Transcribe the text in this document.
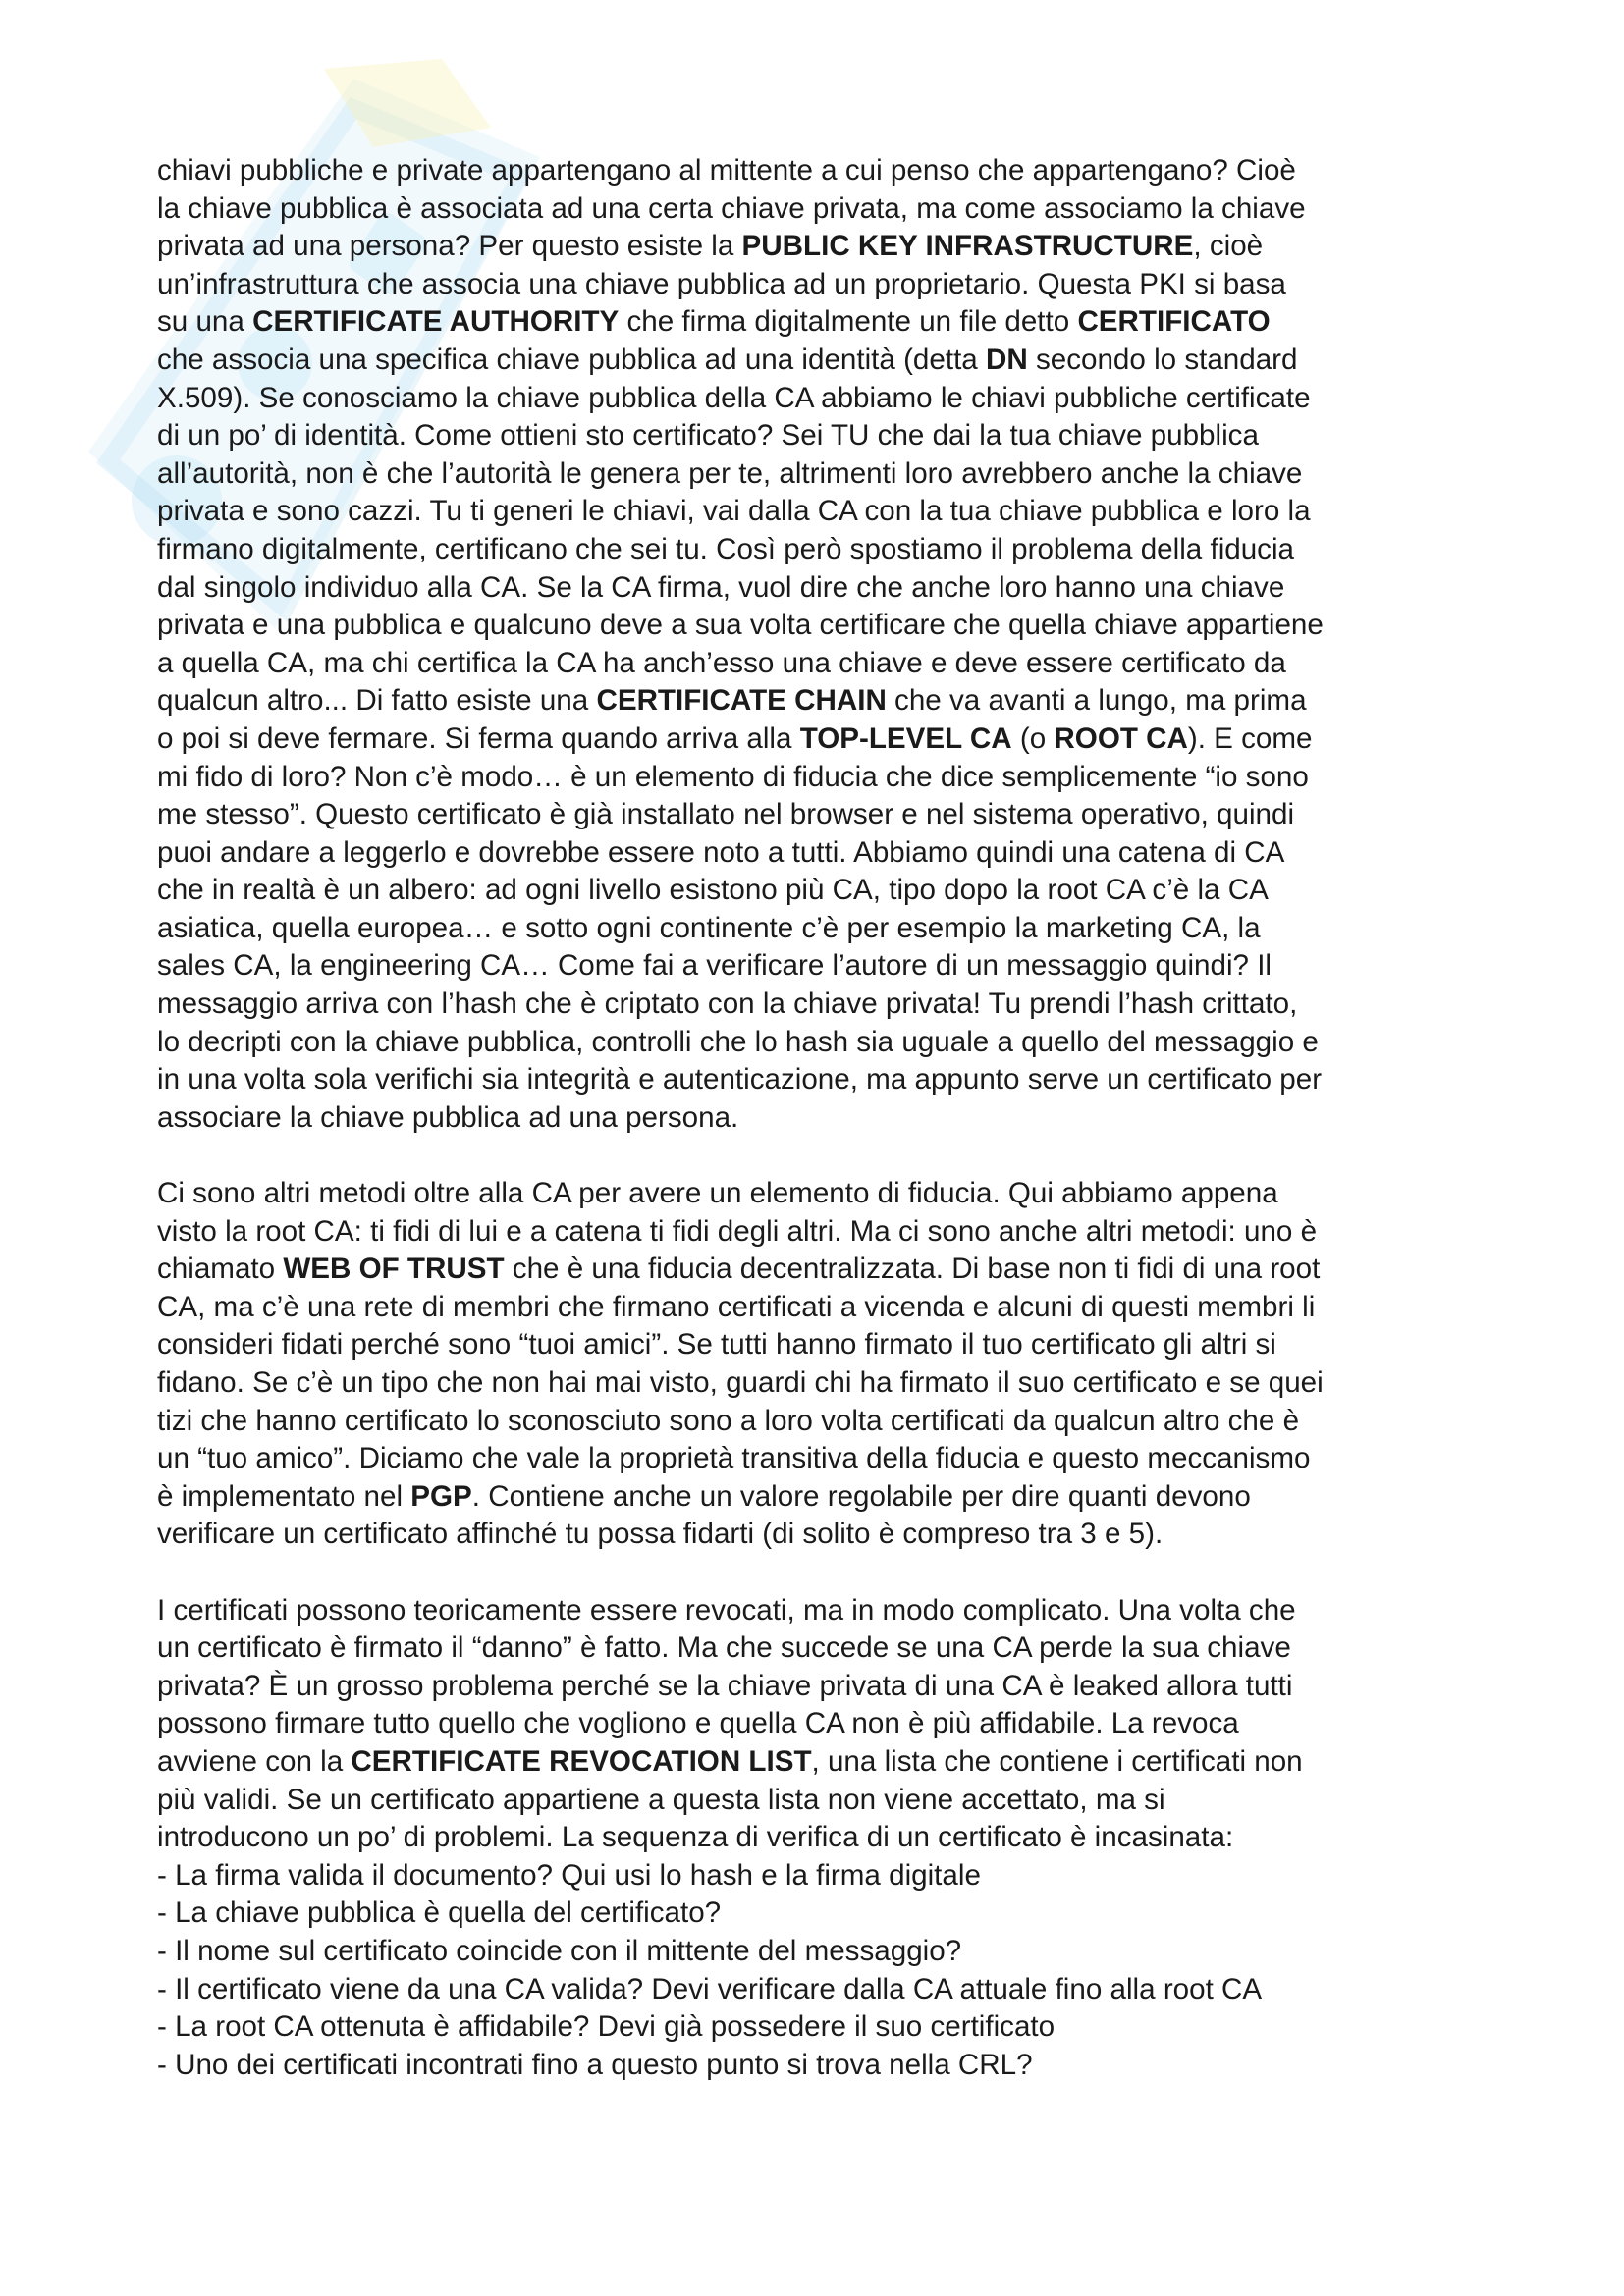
chiavi pubbliche e private appartengano al mittente a cui penso che appartengano? Cioè
la chiave pubblica è associata ad una certa chiave privata, ma come associamo la chiave
privata ad una persona? Per questo esiste la PUBLIC KEY INFRASTRUCTURE, cioè
un’infrastruttura che associa una chiave pubblica ad un proprietario. Questa PKI si basa
su una CERTIFICATE AUTHORITY che firma digitalmente un file detto CERTIFICATO
che associa una specifica chiave pubblica ad una identità (detta DN secondo lo standard
X.509). Se conosciamo la chiave pubblica della CA abbiamo le chiavi pubbliche certificate
di un po’ di identità. Come ottieni sto certificato? Sei TU che dai la tua chiave pubblica
all’autorità, non è che l’autorità le genera per te, altrimenti loro avrebbero anche la chiave
privata e sono cazzi. Tu ti generi le chiavi, vai dalla CA con la tua chiave pubblica e loro la
firmano digitalmente, certificano che sei tu. Così però spostiamo il problema della fiducia
dal singolo individuo alla CA. Se la CA firma, vuol dire che anche loro hanno una chiave
privata e una pubblica e qualcuno deve a sua volta certificare che quella chiave appartiene
a quella CA, ma chi certifica la CA ha anch’esso una chiave e deve essere certificato da
qualcun altro... Di fatto esiste una CERTIFICATE CHAIN che va avanti a lungo, ma prima
o poi si deve fermare. Si ferma quando arriva alla TOP-LEVEL CA (o ROOT CA). E come
mi fido di loro? Non c’è modo… è un elemento di fiducia che dice semplicemente “io sono
me stesso”. Questo certificato è già installato nel browser e nel sistema operativo, quindi
puoi andare a leggerlo e dovrebbe essere noto a tutti. Abbiamo quindi una catena di CA
che in realtà è un albero: ad ogni livello esistono più CA, tipo dopo la root CA c’è la CA
asiatica, quella europea… e sotto ogni continente c’è per esempio la marketing CA, la
sales CA, la engineering CA… Come fai a verificare l’autore di un messaggio quindi? Il
messaggio arriva con l’hash che è criptato con la chiave privata! Tu prendi l’hash crittato,
lo decripti con la chiave pubblica, controlli che lo hash sia uguale a quello del messaggio e
in una volta sola verifichi sia integrità e autenticazione, ma appunto serve un certificato per
associare la chiave pubblica ad una persona.

Ci sono altri metodi oltre alla CA per avere un elemento di fiducia. Qui abbiamo appena
visto la root CA: ti fidi di lui e a catena ti fidi degli altri. Ma ci sono anche altri metodi: uno è
chiamato WEB OF TRUST che è una fiducia decentralizzata. Di base non ti fidi di una root
CA, ma c’è una rete di membri che firmano certificati a vicenda e alcuni di questi membri li
consideri fidati perché sono “tuoi amici”. Se tutti hanno firmato il tuo certificato gli altri si
fidano. Se c’è un tipo che non hai mai visto, guardi chi ha firmato il suo certificato e se quei
tizi che hanno certificato lo sconosciuto sono a loro volta certificati da qualcun altro che è
un “tuo amico”. Diciamo che vale la proprietà transitiva della fiducia e questo meccanismo
è implementato nel PGP. Contiene anche un valore regolabile per dire quanti devono
verificare un certificato affinché tu possa fidarti (di solito è compreso tra 3 e 5).

I certificati possono teoricamente essere revocati, ma in modo complicato. Una volta che
un certificato è firmato il “danno” è fatto. Ma che succede se una CA perde la sua chiave
privata? È un grosso problema perché se la chiave privata di una CA è leaked allora tutti
possono firmare tutto quello che vogliono e quella CA non è più affidabile. La revoca
avviene con la CERTIFICATE REVOCATION LIST, una lista che contiene i certificati non
più validi. Se un certificato appartiene a questa lista non viene accettato, ma si
introducono un po’ di problemi. La sequenza di verifica di un certificato è incasinata:
- La firma valida il documento? Qui usi lo hash e la firma digitale
- La chiave pubblica è quella del certificato?
- Il nome sul certificato coincide con il mittente del messaggio?
- Il certificato viene da una CA valida? Devi verificare dalla CA attuale fino alla root CA
- La root CA ottenuta è affidabile? Devi già possedere il suo certificato
- Uno dei certificati incontrati fino a questo punto si trova nella CRL?
